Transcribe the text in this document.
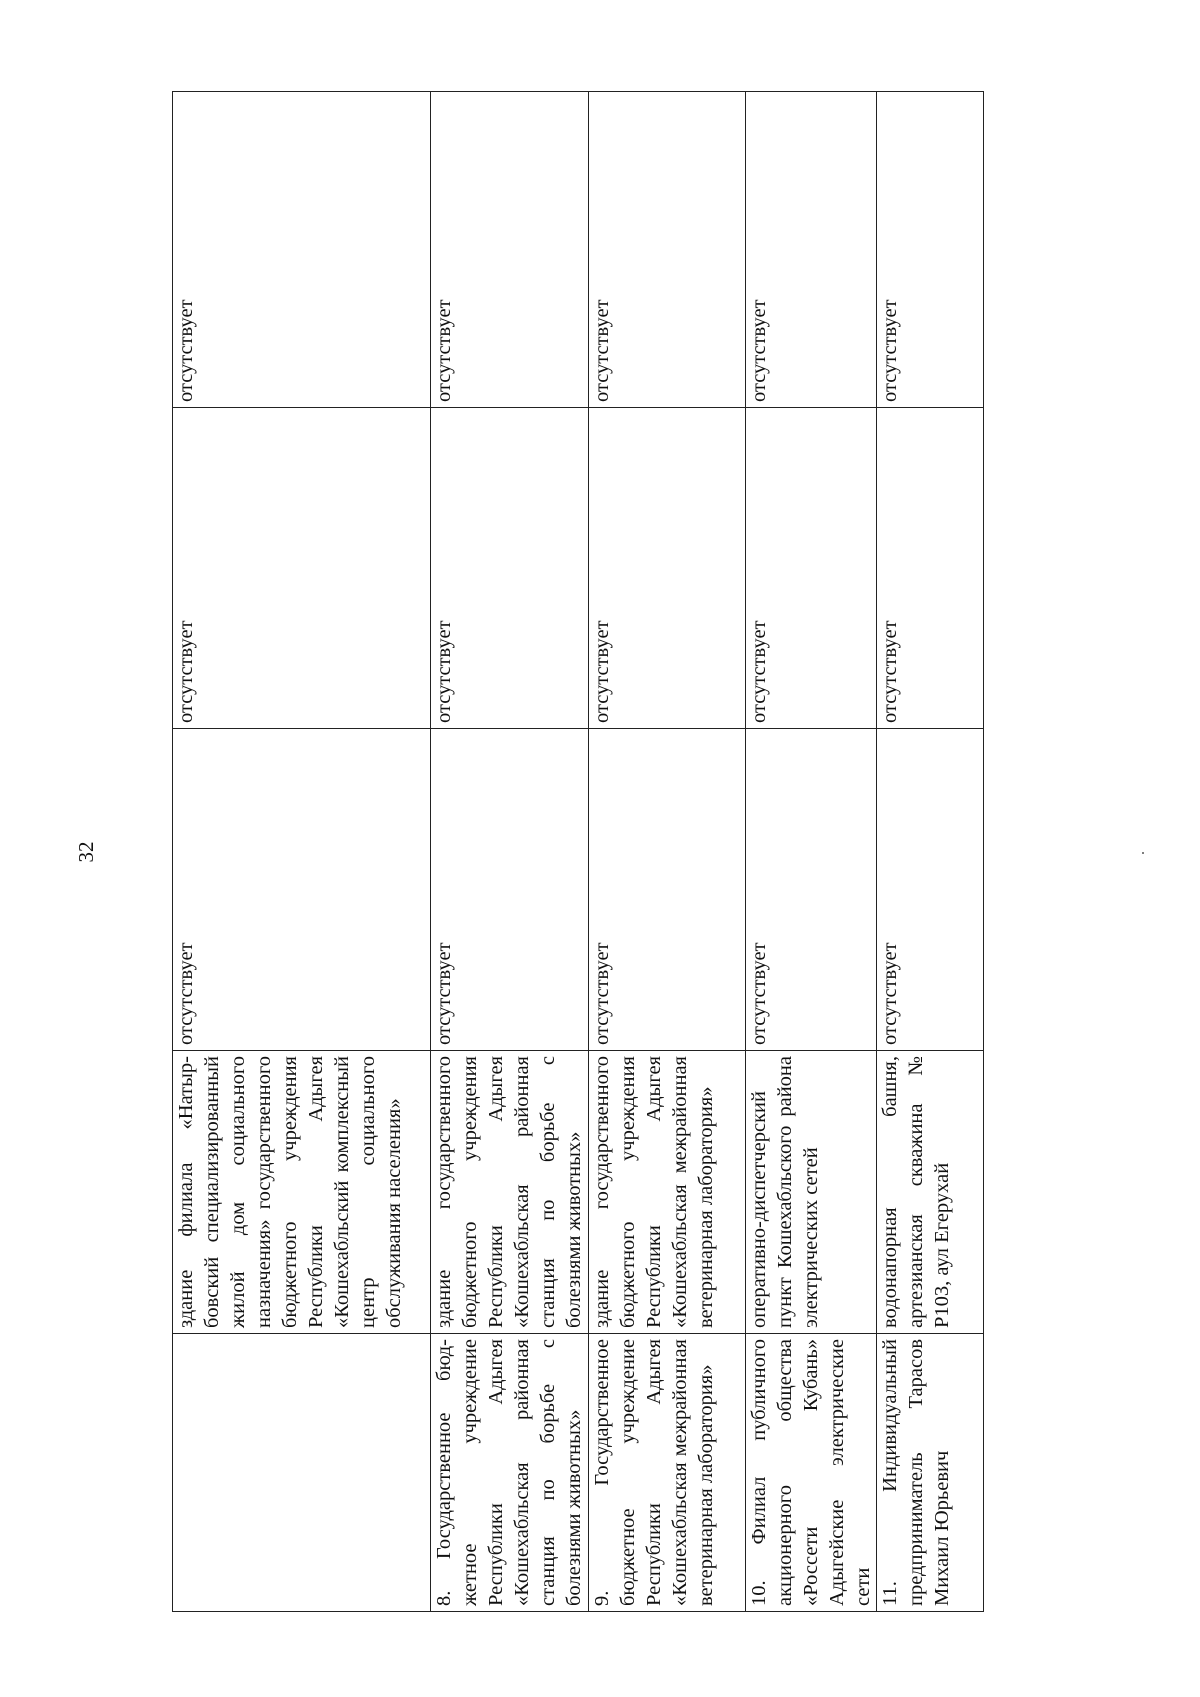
32
	здание филиала «Натырбовский специализированный жилой дом социального назначения» государственного бюджетного учреждения Республики Адыгея «Кошехабльский комплексный центр социального обслуживания населения»	отсутствует	отсутствует	отсутствует
8. Государственное бюджетное учреждение Республики Адыгея «Кошехабльская районная станция по борьбе с болезнями животных»	здание государственного бюджетного учреждения Республики Адыгея «Кошехабльская районная станция по борьбе с болезнями животных»	отсутствует	отсутствует	отсутствует
9. Государственное бюджетное учреждение Республики Адыгея «Кошехабльская межрайонная ветеринарная лаборатория»	здание государственного бюджетного учреждения Республики Адыгея «Кошехабльская межрайонная ветеринарная лаборатория»	отсутствует	отсутствует	отсутствует
10. Филиал публичного акционерного общества «Россети Кубань» Адыгейские электрические сети	оперативно-диспетчерский пункт Кошехабльского района электрических сетей	отсутствует	отсутствует	отсутствует
11. Индивидуальный предприниматель Тарасов Михаил Юрьевич	водонапорная башня, артезианская скважина № Р103, аул Егерухай	отсутствует	отсутствует	отсутствует
